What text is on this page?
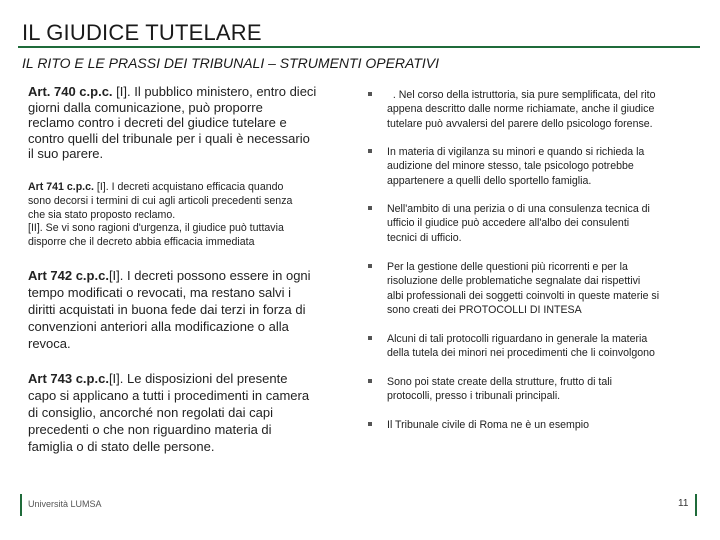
IL GIUDICE TUTELARE
IL RITO E LE PRASSI DEI TRIBUNALI – STRUMENTI OPERATIVI
Art. 740 c.p.c. [I]. Il pubblico ministero, entro dieci
giorni dalla comunicazione, può proporre
reclamo contro i decreti del giudice tutelare e
contro quelli del tribunale per i quali è necessario
il suo parere.
Art 741 c.p.c. [I]. I decreti acquistano efficacia quando
sono decorsi i termini di cui agli articoli precedenti senza
che sia stato proposto reclamo.
[II]. Se vi sono ragioni d'urgenza, il giudice può tuttavia
disporre che il decreto abbia efficacia immediata
Art 742 c.p.c.[I]. I decreti possono essere in ogni
tempo modificati o revocati, ma restano salvi i
diritti acquistati in buona fede dai terzi in forza di
convenzioni anteriori alla modificazione o alla
revoca.
Art 743 c.p.c.[I]. Le disposizioni del presente
capo si applicano a tutti i procedimenti in camera
di consiglio, ancorché non regolati dai capi
precedenti o che non riguardino materia di
famiglia o di stato delle persone.
. Nel corso della istruttoria, sia pure semplificata, del rito
appena descritto dalle norme richiamate, anche il giudice
tutelare può avvalersi del parere dello psicologo forense.
In materia di vigilanza su minori e quando si richieda la
audizione del minore stesso, tale psicologo potrebbe
appartenere a quelli dello sportello famiglia.
Nell'ambito di una perizia o di una consulenza tecnica di
ufficio il giudice può accedere all'albo dei consulenti
tecnici di ufficio.
Per la gestione delle questioni più ricorrenti e per la
risoluzione delle problematiche segnalate dai rispettivi
albi professionali dei soggetti coinvolti in queste materie si
sono creati dei PROTOCOLLI DI INTESA
Alcuni di tali protocolli riguardano in generale la materia
della tutela dei minori nei procedimenti che li coinvolgono
Sono poi state create della strutture, frutto di tali
protocolli, presso i tribunali principali.
Il Tribunale civile di Roma ne è un esempio
Università LUMSA	11
